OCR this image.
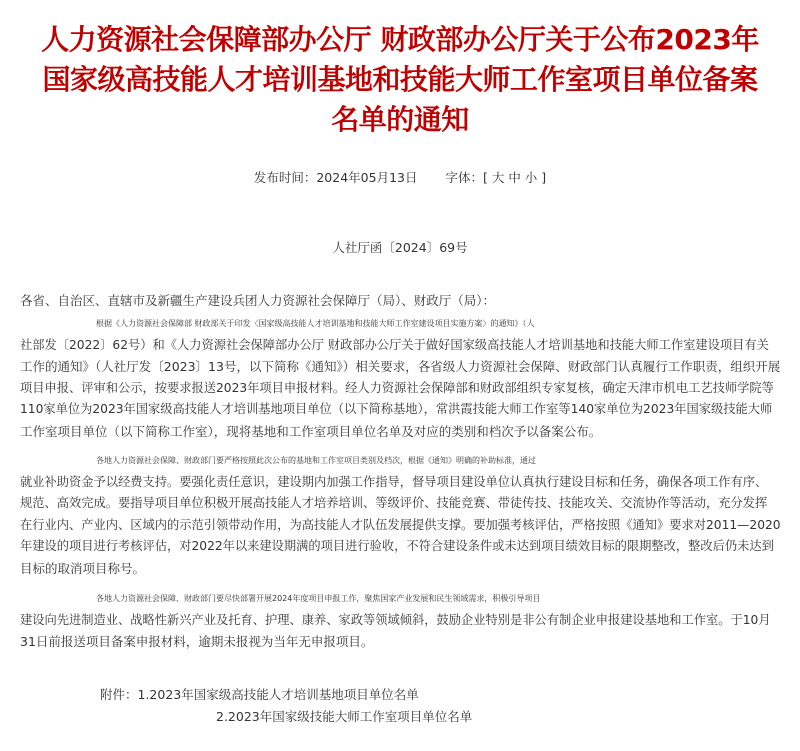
人力资源社会保障部办公厅 财政部办公厅关于公布2023年
国家级高技能人才培训基地和技能大师工作室项目单位备案
名单的通知
发布时间：2024年05月13日 字体：[ 大 中 小 ]
人社厅函〔2024〕69号
各省、自治区、直辖市及新疆生产建设兵团人力资源社会保障厅（局）、财政厅（局）：
根据《人力资源社会保障部 财政部关于印发〈国家级高技能人才培训基地和技能大师工作室建设项目实施方案〉的通知》（人
社部发〔2022〕62号）和《人力资源社会保障部办公厅 财政部办公厅关于做好国家级高技能人才培训基地和技能大师工作室建设项目有关
工作的通知》（人社厅发〔2023〕13号，以下简称《通知》）相关要求，各省级人力资源社会保障、财政部门认真履行工作职责，组织开展
项目申报、评审和公示，按要求报送2023年项目申报材料。经人力资源社会保障部和财政部组织专家复核，确定天津市机电工艺技师学院等
110家单位为2023年国家级高技能人才培训基地项目单位（以下简称基地），常洪霞技能大师工作室等140家单位为2023年国家级技能大师
工作室项目单位（以下简称工作室），现将基地和工作室项目单位名单及对应的类别和档次予以备案公布。
各地人力资源社会保障、财政部门要严格按照此次公布的基地和工作室项目类别及档次，根据《通知》明确的补助标准，通过
就业补助资金予以经费支持。要强化责任意识，建设期内加强工作指导，督导项目建设单位认真执行建设目标和任务，确保各项工作有序、
规范、高效完成。要指导项目单位积极开展高技能人才培养培训、等级评价、技能竞赛、带徒传技、技能攻关、交流协作等活动，充分发挥
在行业内、产业内、区域内的示范引领带动作用，为高技能人才队伍发展提供支撑。要加强考核评估，严格按照《通知》要求对2011—2020
年建设的项目进行考核评估，对2022年以来建设期满的项目进行验收，不符合建设条件或未达到项目绩效目标的限期整改，整改后仍未达到
目标的取消项目称号。
各地人力资源社会保障、财政部门要尽快部署开展2024年度项目申报工作，聚焦国家产业发展和民生领域需求，积极引导项目
建设向先进制造业、战略性新兴产业及托育、护理、康养、家政等领域倾斜，鼓励企业特别是非公有制企业申报建设基地和工作室。于10月
31日前报送项目备案申报材料，逾期未报视为当年无申报项目。
附件：1.2023年国家级高技能人才培训基地项目单位名单
2.2023年国家级技能大师工作室项目单位名单
